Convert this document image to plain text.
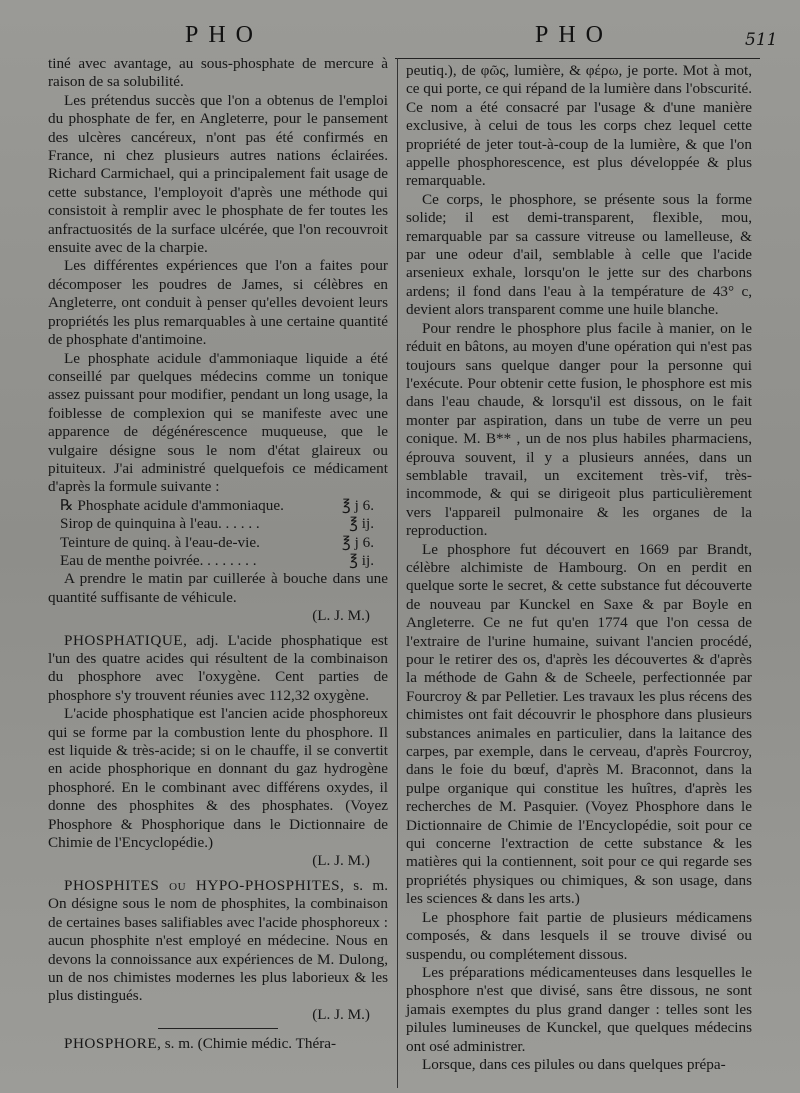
PHO	PHO	511

tiné avec avantage, au sous-phosphate de mercure à raison de sa solubilité.

Les prétendus succès que l'on a obtenus de l'emploi du phosphate de fer, en Angleterre, pour le pansement des ulcères cancéreux, n'ont pas été confirmés en France, ni chez plusieurs autres nations éclairées. Richard Carmichael, qui a principalement fait usage de cette substance, l'employoit d'après une méthode qui consistoit à remplir avec le phosphate de fer toutes les anfractuosités de la surface ulcérée, que l'on recouvroit ensuite avec de la charpie.

Les différentes expériences que l'on a faites pour décomposer les poudres de James, si célèbres en Angleterre, ont conduit à penser qu'elles devoient leurs propriétés les plus remarquables à une certaine quantité de phosphate d'antimoine.

Le phosphate acidule d'ammoniaque liquide a été conseillé par quelques médecins comme un tonique assez puissant pour modifier, pendant un long usage, la foiblesse de complexion qui se manifeste avec une apparence de dégénérescence muqueuse, que le vulgaire désigne sous le nom d'état glaireux ou pituiteux. J'ai administré quelquefois ce médicament d'après la formule suivante :

℞ Phosphate acidule d'ammoniaque.	℥ j 6.
Sirop de quinquina à l'eau. . . . . .	℥ ij.
Teinture de quinq. à l'eau-de-vie.	℥ j 6.
Eau de menthe poivrée. . . . . . . .	℥ ij.

A prendre le matin par cuillerée à bouche dans une quantité suffisante de véhicule.

(L. J. M.)

PHOSPHATIQUE, adj. L'acide phosphatique est l'un des quatre acides qui résultent de la combinaison du phosphore avec l'oxygène. Cent parties de phosphore s'y trouvent réunies avec 112,32 oxygène.

L'acide phosphatique est l'ancien acide phosphoreux qui se forme par la combustion lente du phosphore. Il est liquide & très-acide; si on le chauffe, il se convertit en acide phosphorique en donnant du gaz hydrogène phosphoré. En le combinant avec différens oxydes, il donne des phosphites & des phosphates. (Voyez Phosphore & Phosphorique dans le Dictionnaire de Chimie de l'Encyclopédie.)

(L. J. M.)

PHOSPHITES ou HYPO-PHOSPHITES, s. m. On désigne sous le nom de phosphites, la combinaison de certaines bases salifiables avec l'acide phosphoreux : aucun phosphite n'est employé en médecine. Nous en devons la connoissance aux expériences de M. Dulong, un de nos chimistes modernes les plus laborieux & les plus distingués.

(L. J. M.)

PHOSPHORE, s. m. (Chimie médic. Théra-

peutiq.), de φῶς, lumière, & φέρω, je porte. Mot à mot, ce qui porte, ce qui répand de la lumière dans l'obscurité. Ce nom a été consacré par l'usage & d'une manière exclusive, à celui de tous les corps chez lequel cette propriété de jeter tout-à-coup de la lumière, & que l'on appelle phosphorescence, est plus développée & plus remarquable.

Ce corps, le phosphore, se présente sous la forme solide; il est demi-transparent, flexible, mou, remarquable par sa cassure vitreuse ou lamelleuse, & par une odeur d'ail, semblable à celle que l'acide arsenieux exhale, lorsqu'on le jette sur des charbons ardens; il fond dans l'eau à la température de 43° c, devient alors transparent comme une huile blanche.

Pour rendre le phosphore plus facile à manier, on le réduit en bâtons, au moyen d'une opération qui n'est pas toujours sans quelque danger pour la personne qui l'exécute. Pour obtenir cette fusion, le phosphore est mis dans l'eau chaude, & lorsqu'il est dissous, on le fait monter par aspiration, dans un tube de verre un peu conique. M. B** , un de nos plus habiles pharmaciens, éprouva souvent, il y a plusieurs années, dans un semblable travail, un excitement très-vif, très-incommode, & qui se dirigeoit plus particulièrement vers l'appareil pulmonaire & les organes de la reproduction.

Le phosphore fut découvert en 1669 par Brandt, célèbre alchimiste de Hambourg. On en perdit en quelque sorte le secret, & cette substance fut découverte de nouveau par Kunckel en Saxe & par Boyle en Angleterre. Ce ne fut qu'en 1774 que l'on cessa de l'extraire de l'urine humaine, suivant l'ancien procédé, pour le retirer des os, d'après les découvertes & d'après la méthode de Gahn & de Scheele, perfectionnée par Fourcroy & par Pelletier. Les travaux les plus récens des chimistes ont fait découvrir le phosphore dans plusieurs substances animales en particulier, dans la laitance des carpes, par exemple, dans le cerveau, d'après Fourcroy, dans le foie du bœuf, d'après M. Braconnot, dans la pulpe organique qui constitue les huîtres, d'après les recherches de M. Pasquier. (Voyez Phosphore dans le Dictionnaire de Chimie de l'Encyclopédie, soit pour ce qui concerne l'extraction de cette substance & les matières qui la contiennent, soit pour ce qui regarde ses propriétés physiques ou chimiques, & son usage, dans les sciences & dans les arts.)

Le phosphore fait partie de plusieurs médicamens composés, & dans lesquels il se trouve divisé ou suspendu, ou complétement dissous.

Les préparations médicamenteuses dans lesquelles le phosphore n'est que divisé, sans être dissous, ne sont jamais exemptes du plus grand danger : telles sont les pilules lumineuses de Kunckel, que quelques médecins ont osé administrer.

Lorsque, dans ces pilules ou dans quelques prépa-
